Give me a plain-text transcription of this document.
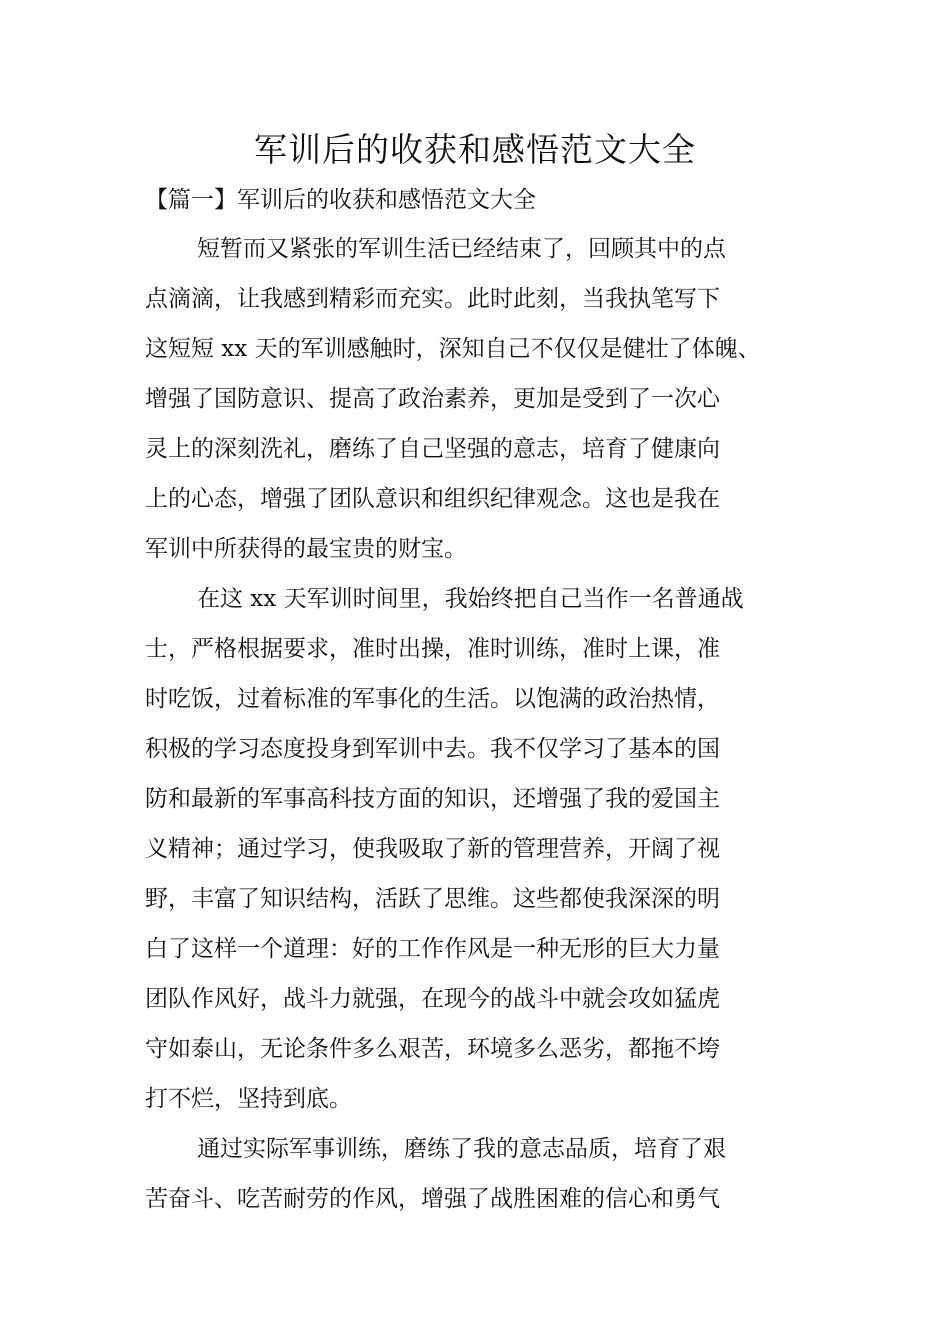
军训后的收获和感悟范文大全
【篇一】军训后的收获和感悟范文大全
短暂而又紧张的军训生活已经结束了，回顾其中的点
点滴滴，让我感到精彩而充实。此时此刻，当我执笔写下
这短短 xx 天的军训感触时，深知自己不仅仅是健壮了体魄、
增强了国防意识、提高了政治素养，更加是受到了一次心
灵上的深刻洗礼，磨练了自己坚强的意志，培育了健康向
上的心态，增强了团队意识和组织纪律观念。这也是我在
军训中所获得的最宝贵的财宝。
在这 xx 天军训时间里，我始终把自己当作一名普通战
士，严格根据要求，准时出操，准时训练，准时上课，准
时吃饭，过着标准的军事化的生活。以饱满的政治热情，
积极的学习态度投身到军训中去。我不仅学习了基本的国
防和最新的军事高科技方面的知识，还增强了我的爱国主
义精神；通过学习，使我吸取了新的管理营养，开阔了视
野，丰富了知识结构，活跃了思维。这些都使我深深的明
白了这样一个道理：好的工作作风是一种无形的巨大力量
团队作风好，战斗力就强，在现今的战斗中就会攻如猛虎
守如泰山，无论条件多么艰苦，环境多么恶劣，都拖不垮
打不烂，坚持到底。
通过实际军事训练，磨练了我的意志品质，培育了艰
苦奋斗、吃苦耐劳的作风，增强了战胜困难的信心和勇气
